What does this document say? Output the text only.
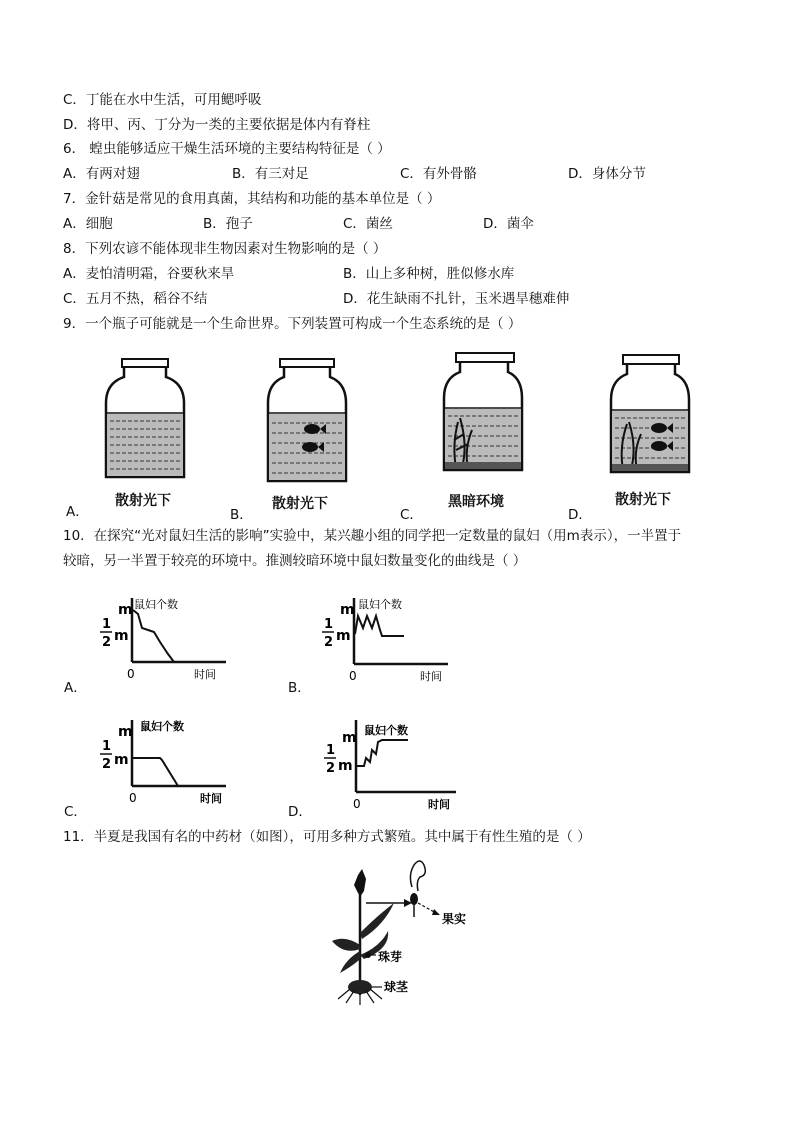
C．丁能在水中生活，可用鳃呼吸
D．将甲、丙、丁分为一类的主要依据是体内有脊柱
6． 蝗虫能够适应干燥生活环境的主要结构特征是（ ）
A．有两对翅	B．有三对足	C．有外骨骼	D．身体分节
7．金针菇是常见的食用真菌，其结构和功能的基本单位是（ ）
A．细胞	B．孢子	C．菌丝	D．菌伞
8．下列农谚不能体现非生物因素对生物影响的是（ ）
A．麦怕清明霜，谷要秋来旱	B．山上多种树，胜似修水库
C．五月不热，稻谷不结	D．花生缺雨不扎针，玉米遇旱穗难伸
9．一个瓶子可能就是一个生命世界。下列装置可构成一个生态系统的是（ ）
A．
散射光下
B．
散射光下
C．
黑暗环境
D．
散射光下
10．在探究“光对鼠妇生活的影响”实验中，某兴趣小组的同学把一定数量的鼠妇（用m表示），一半置于
较暗，另一半置于较亮的环境中。推测较暗环境中鼠妇数量变化的曲线是（ ）
A．
m
1
2 m
鼠妇个数
0	时间
B．
m
1
2 m
鼠妇个数
0	时间
C．
m
1
2 m
鼠妇个数
0	时间
D．
m
1
2 m
鼠妇个数
0	时间
11．半夏是我国有名的中药材（如图），可用多种方式繁殖。其中属于有性生殖的是（ ）
果实
珠芽
球茎
